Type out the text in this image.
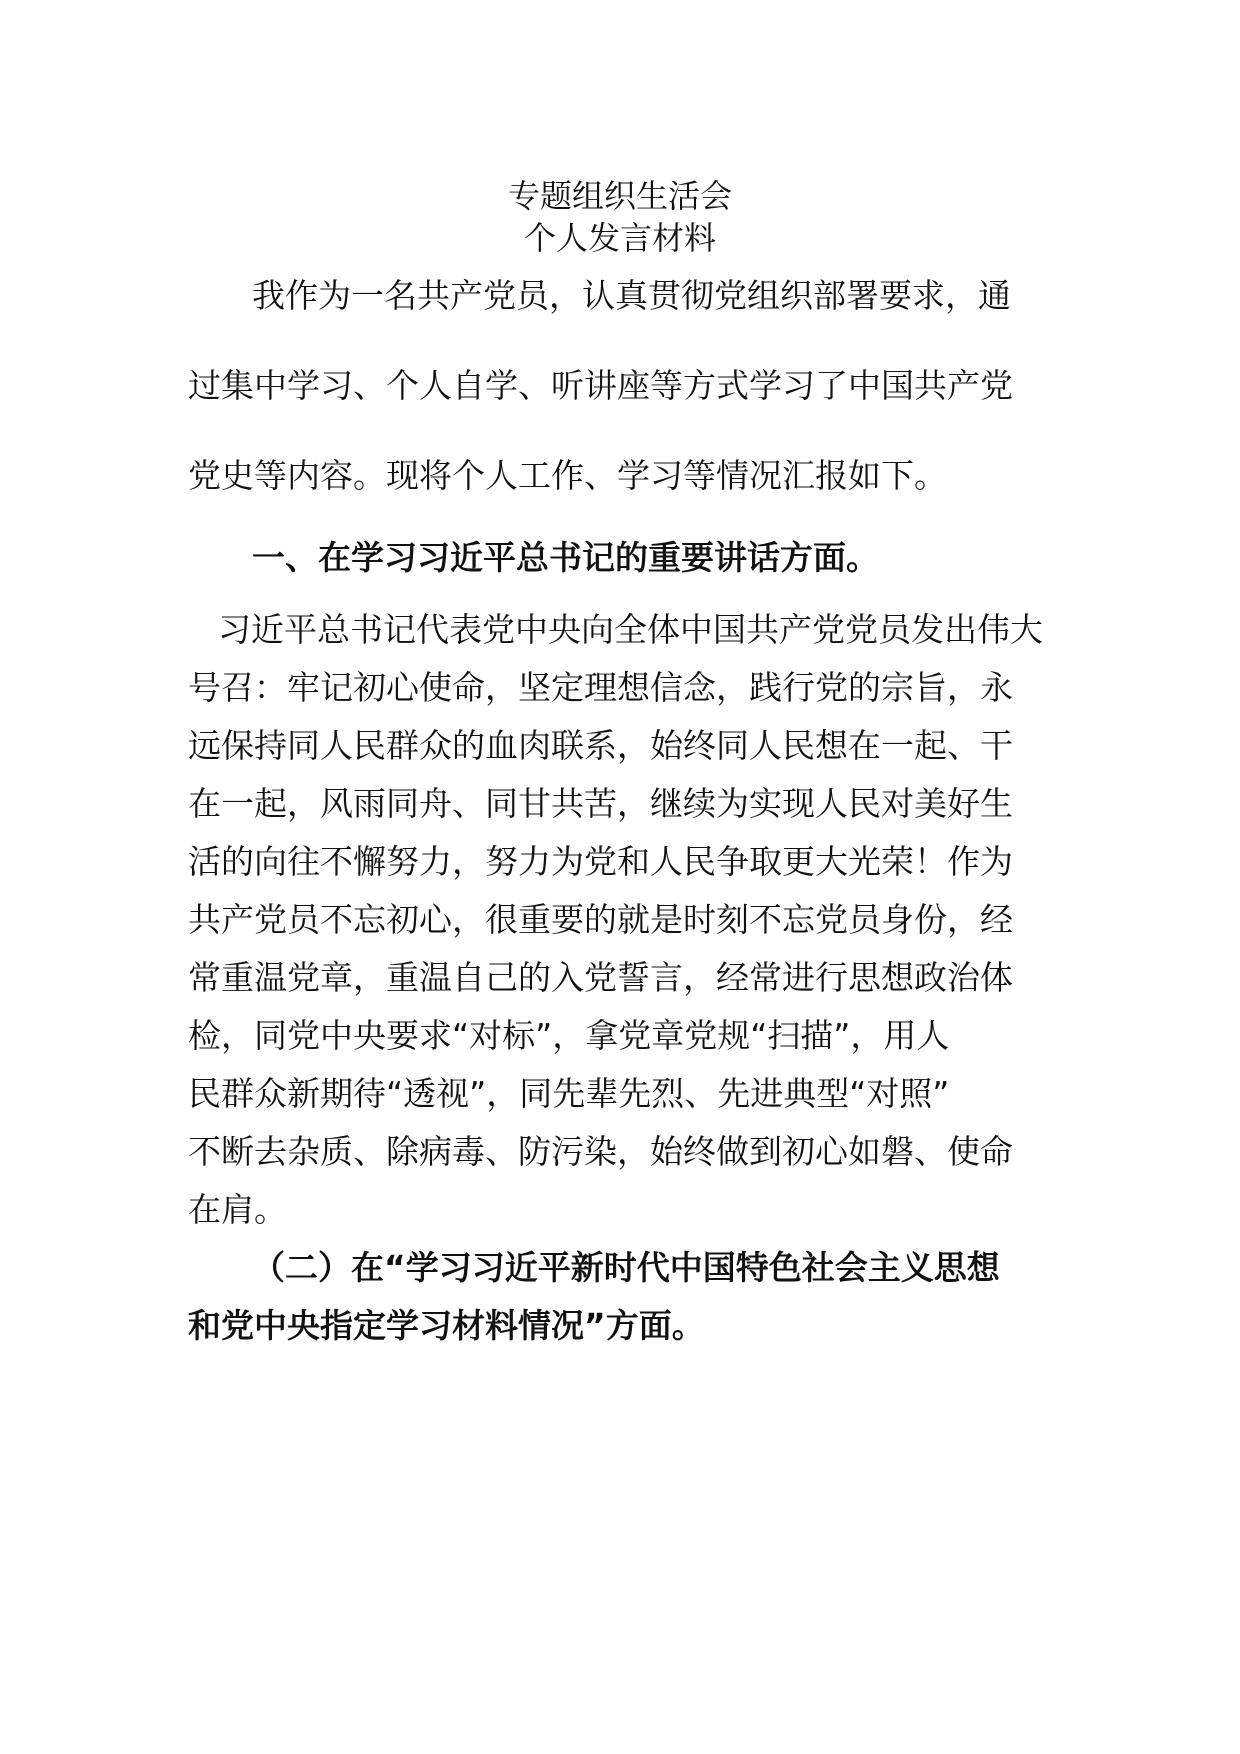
专题组织生活会
个人发言材料
我作为一名共产党员，认真贯彻党组织部署要求，通
过集中学习、个人自学、听讲座等方式学习了中国共产党
党史等内容。现将个人工作、学习等情况汇报如下。
一、在学习习近平总书记的重要讲话方面。
习近平总书记代表党中央向全体中国共产党党员发出伟大
号召：牢记初心使命，坚定理想信念，践行党的宗旨，永
远保持同人民群众的血肉联系，始终同人民想在一起、干
在一起，风雨同舟、同甘共苦，继续为实现人民对美好生
活的向往不懈努力，努力为党和人民争取更大光荣！作为
共产党员不忘初心，很重要的就是时刻不忘党员身份，经
常重温党章，重温自己的入党誓言，经常进行思想政治体
检，同党中央要求“对标”，拿党章党规“扫描”，用人
民群众新期待“透视”，同先辈先烈、先进典型“对照”
不断去杂质、除病毒、防污染，始终做到初心如磐、使命
在肩。
（二）在“学习习近平新时代中国特色社会主义思想
和党中央指定学习材料情况”方面。
